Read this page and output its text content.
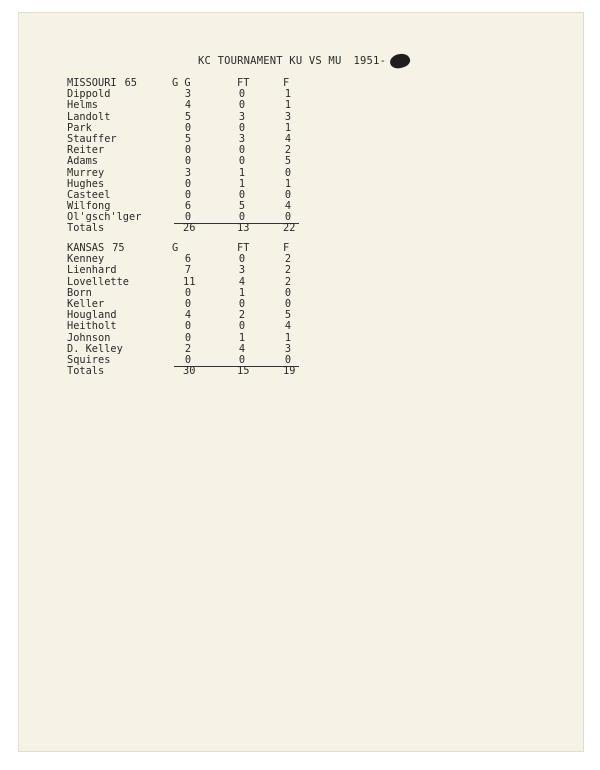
KC TOURNAMENT KU VS MU 1951-
MISSOURI 65	G G	FT	F
Dippold	3	0	1
Helms	4	0	1
Landolt	5	3	3
Park	0	0	1
Stauffer	5	3	4
Reiter	0	0	2
Adams	0	0	5
Murrey	3	1	0
Hughes	0	1	1
Casteel	0	0	0
Wilfong	6	5	4
Ol'gsch'lger	0	0	0
Totals	26	13	22
KANSAS 75	G	FT	F
Kenney	6	0	2
Lienhard	7	3	2
Lovellette	11	4	2
Born	0	1	0
Keller	0	0	0
Hougland	4	2	5
Heitholt	0	0	4
Johnson	0	1	1
D. Kelley	2	4	3
Squires	0	0	0
Totals	30	15	19
